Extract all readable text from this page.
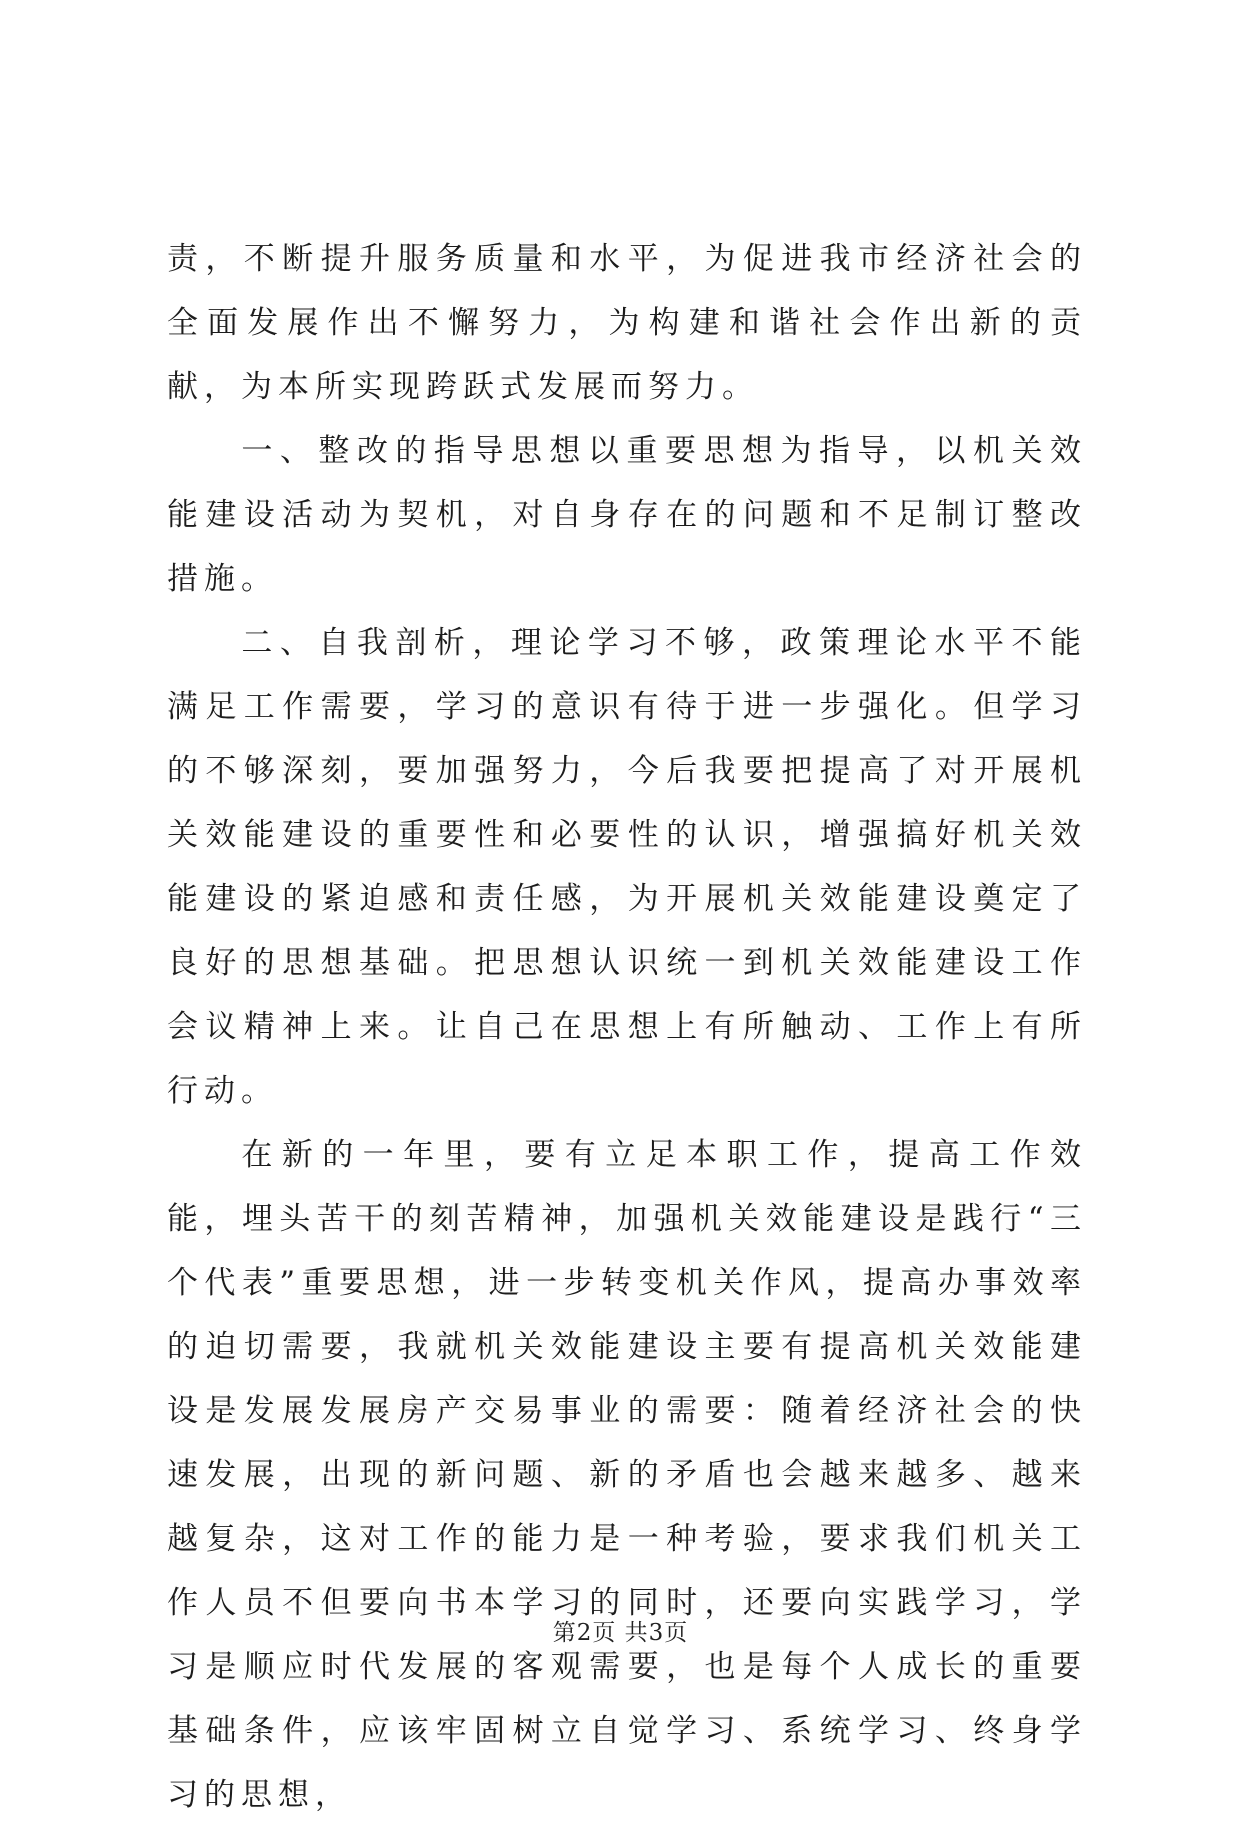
责，不断提升服务质量和水平，为促进我市经济社会的全面发展作出不懈努力，为构建和谐社会作出新的贡献，为本所实现跨跃式发展而努力。

一、整改的指导思想以重要思想为指导，以机关效能建设活动为契机，对自身存在的问题和不足制订整改措施。

二、自我剖析，理论学习不够，政策理论水平不能满足工作需要，学习的意识有待于进一步强化。但学习的不够深刻，要加强努力，今后我要把提高了对开展机关效能建设的重要性和必要性的认识，增强搞好机关效能建设的紧迫感和责任感，为开展机关效能建设奠定了良好的思想基础。把思想认识统一到机关效能建设工作会议精神上来。让自己在思想上有所触动、工作上有所行动。

在新的一年里，要有立足本职工作，提高工作效能，埋头苦干的刻苦精神，加强机关效能建设是践行“三个代表”重要思想，进一步转变机关作风，提高办事效率的迫切需要，我就机关效能建设主要有提高机关效能建设是发展发展房产交易事业的需要：随着经济社会的快速发展，出现的新问题、新的矛盾也会越来越多、越来越复杂，这对工作的能力是一种考验，要求我们机关工作人员不但要向书本学习的同时，还要向实践学习，学习是顺应时代发展的客观需要，也是每个人成长的重要基础条件，应该牢固树立自觉学习、系统学习、终身学习的思想，

第2页 共3页
